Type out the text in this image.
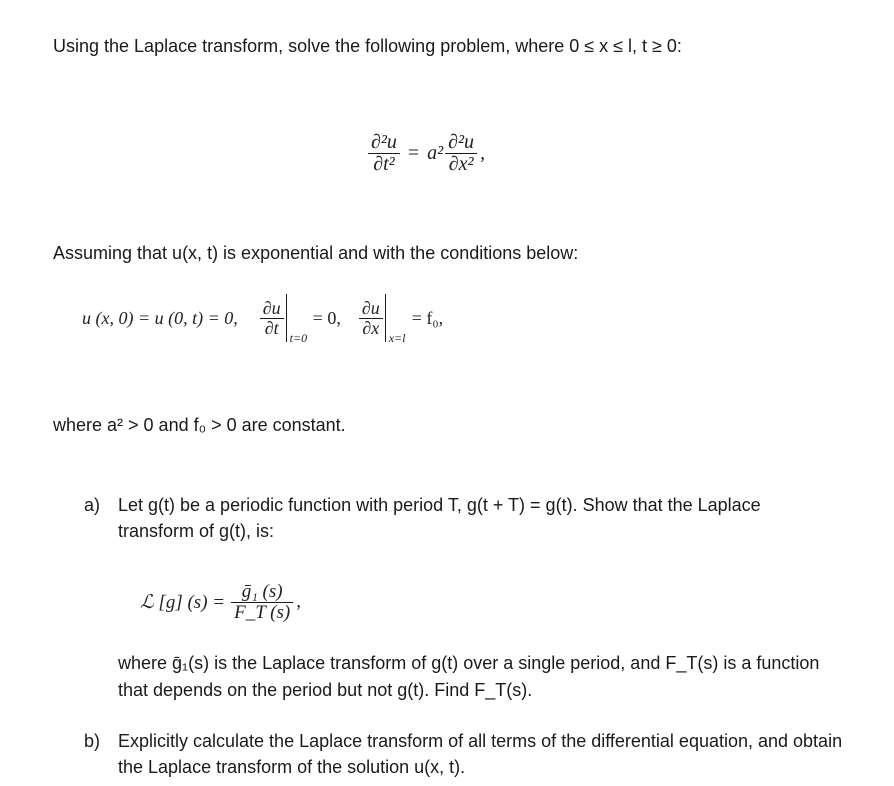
Using the Laplace transform, solve the following problem, where 0 ≤ x ≤ l, t ≥ 0:
$\frac{\text{∂²u}}{\text{∂t²}} = a^2 \frac{\text{∂²u}}{\text{∂x²}}$ ,
Assuming that u(x, t) is exponential and with the conditions below:
u (x, 0) = u (0, t) = 0, $\frac{\partial u}{\partial t}$
t=0
= 0, $\frac{\partial u}{\partial x}$
x=l
= f₀,
where a² > 0 and f₀ > 0 are constant.
a) Let g(t) be a periodic function with period T, g(t + T) = g(t). Show that the Laplace
transform of g(t), is:
ℒ [g] $(s) = \frac{\text{ḡ₁ (s)}}{F\_T (s)}$ ,
where ḡ₁(s) is the Laplace transform of g(t) over a single period, and F_T(s) is a function
that depends on the period but not g(t). Find F_T(s).
b) Explicitly calculate the Laplace transform of all terms of the differential equation, and obtain
the Laplace transform of the solution u(x, t).
